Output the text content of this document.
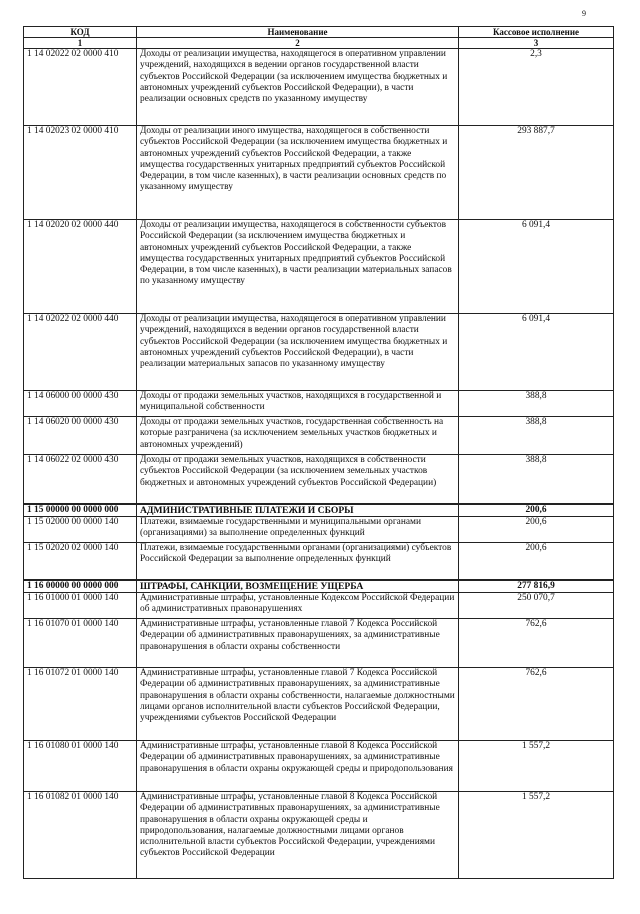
9
КОД	Наименование	Кассовое исполнение
1	2	3
1 14 02022 02 0000 410	Доходы от реализации имущества, находящегося в оперативном управлении учреждений, находящихся в ведении органов государственной власти субъектов Российской Федерации (за исключением имущества бюджетных и автономных учреждений субъектов Российской Федерации), в части реализации основных средств по указанному имуществу	2,3
1 14 02023 02 0000 410	Доходы от реализации иного имущества, находящегося в собственности субъектов Российской Федерации (за исключением имущества бюджетных и автономных учреждений субъектов Российской Федерации, а также имущества государственных унитарных предприятий субъектов Российской Федерации, в том числе казенных), в части реализации основных средств по указанному имуществу	293 887,7
1 14 02020 02 0000 440	Доходы от реализации имущества, находящегося в собственности субъектов Российской Федерации (за исключением имущества бюджетных и автономных учреждений субъектов Российской Федерации, а также имущества государственных унитарных предприятий субъектов Российской Федерации, в том числе казенных), в части реализации материальных запасов по указанному имуществу	6 091,4
1 14 02022 02 0000 440	Доходы от реализации имущества, находящегося в оперативном управлении учреждений, находящихся в ведении органов государственной власти субъектов Российской Федерации (за исключением имущества бюджетных и автономных учреждений субъектов Российской Федерации), в части реализации материальных запасов по указанному имуществу	6 091,4
1 14 06000 00 0000 430	Доходы от продажи земельных участков, находящихся в государственной и муниципальной собственности	388,8
1 14 06020 00 0000 430	Доходы от продажи земельных участков, государственная собственность на которые разграничена (за исключением земельных участков бюджетных и автономных учреждений)	388,8
1 14 06022 02 0000 430	Доходы от продажи земельных участков, находящихся в собственности субъектов Российской Федерации (за исключением земельных участков бюджетных и автономных учреждений субъектов Российской Федерации)	388,8
1 15 00000 00 0000 000	АДМИНИСТРАТИВНЫЕ ПЛАТЕЖИ И СБОРЫ	200,6
1 15 02000 00 0000 140	Платежи, взимаемые государственными и муниципальными органами (организациями) за выполнение определенных функций	200,6
1 15 02020 02 0000 140	Платежи, взимаемые государственными органами (организациями) субъектов Российской Федерации за выполнение определенных функций	200,6
1 16 00000 00 0000 000	ШТРАФЫ, САНКЦИИ, ВОЗМЕЩЕНИЕ УЩЕРБА	277 816,9
1 16 01000 01 0000 140	Административные штрафы, установленные Кодексом Российской Федерации об административных правонарушениях	250 070,7
1 16 01070 01 0000 140	Административные штрафы, установленные главой 7 Кодекса Российской Федерации об административных правонарушениях, за административные правонарушения в области охраны собственности	762,6
1 16 01072 01 0000 140	Административные штрафы, установленные главой 7 Кодекса Российской Федерации об административных правонарушениях, за административные правонарушения в области охраны собственности, налагаемые должностными лицами органов исполнительной власти субъектов Российской Федерации, учреждениями субъектов Российской Федерации	762,6
1 16 01080 01 0000 140	Административные штрафы, установленные главой 8 Кодекса Российской Федерации об административных правонарушениях, за административные правонарушения в области охраны окружающей среды и природопользования	1 557,2
1 16 01082 01 0000 140	Административные штрафы, установленные главой 8 Кодекса Российской Федерации об административных правонарушениях, за административные правонарушения в области охраны окружающей среды и природопользования, налагаемые должностными лицами органов исполнительной власти субъектов Российской Федерации, учреждениями субъектов Российской Федерации	1 557,2
